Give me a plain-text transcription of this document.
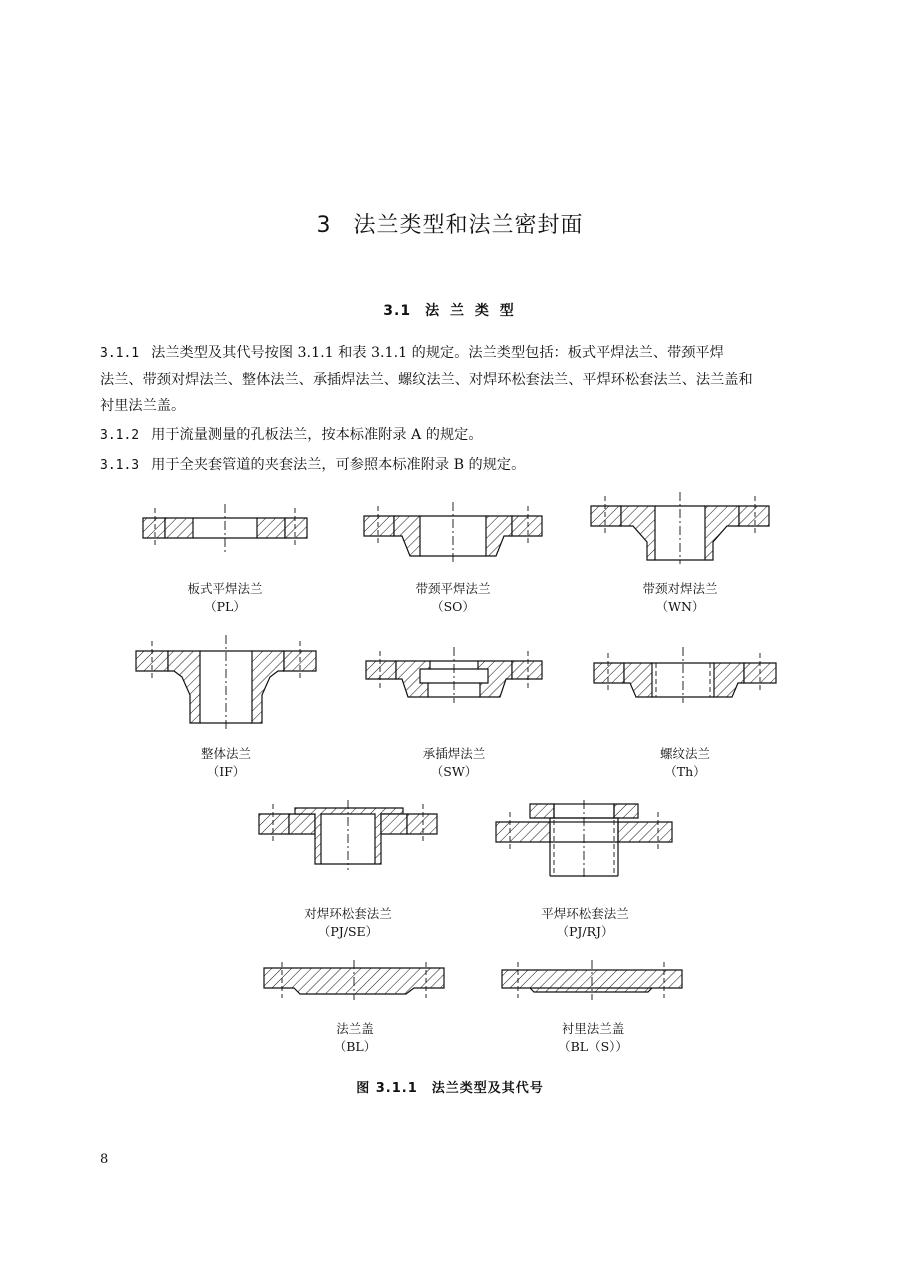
3 法兰类型和法兰密封面
3.1 法 兰 类 型
3.1.1 法兰类型及其代号按图 3.1.1 和表 3.1.1 的规定。法兰类型包括：板式平焊法兰、带颈平焊
法兰、带颈对焊法兰、整体法兰、承插焊法兰、螺纹法兰、对焊环松套法兰、平焊环松套法兰、法兰盖和
衬里法兰盖。
3.1.2 用于流量测量的孔板法兰，按本标准附录 A 的规定。
3.1.3 用于全夹套管道的夹套法兰，可参照本标准附录 B 的规定。
板式平焊法兰
（PL）
带颈平焊法兰
（SO）
带颈对焊法兰
（WN）
整体法兰
（IF）
承插焊法兰
（SW）
螺纹法兰
（Th）
对焊环松套法兰
（PJ/SE）
平焊环松套法兰
（PJ/RJ）
法兰盖
（BL）
衬里法兰盖
（BL（S））
图 3.1.1 法兰类型及其代号
8
